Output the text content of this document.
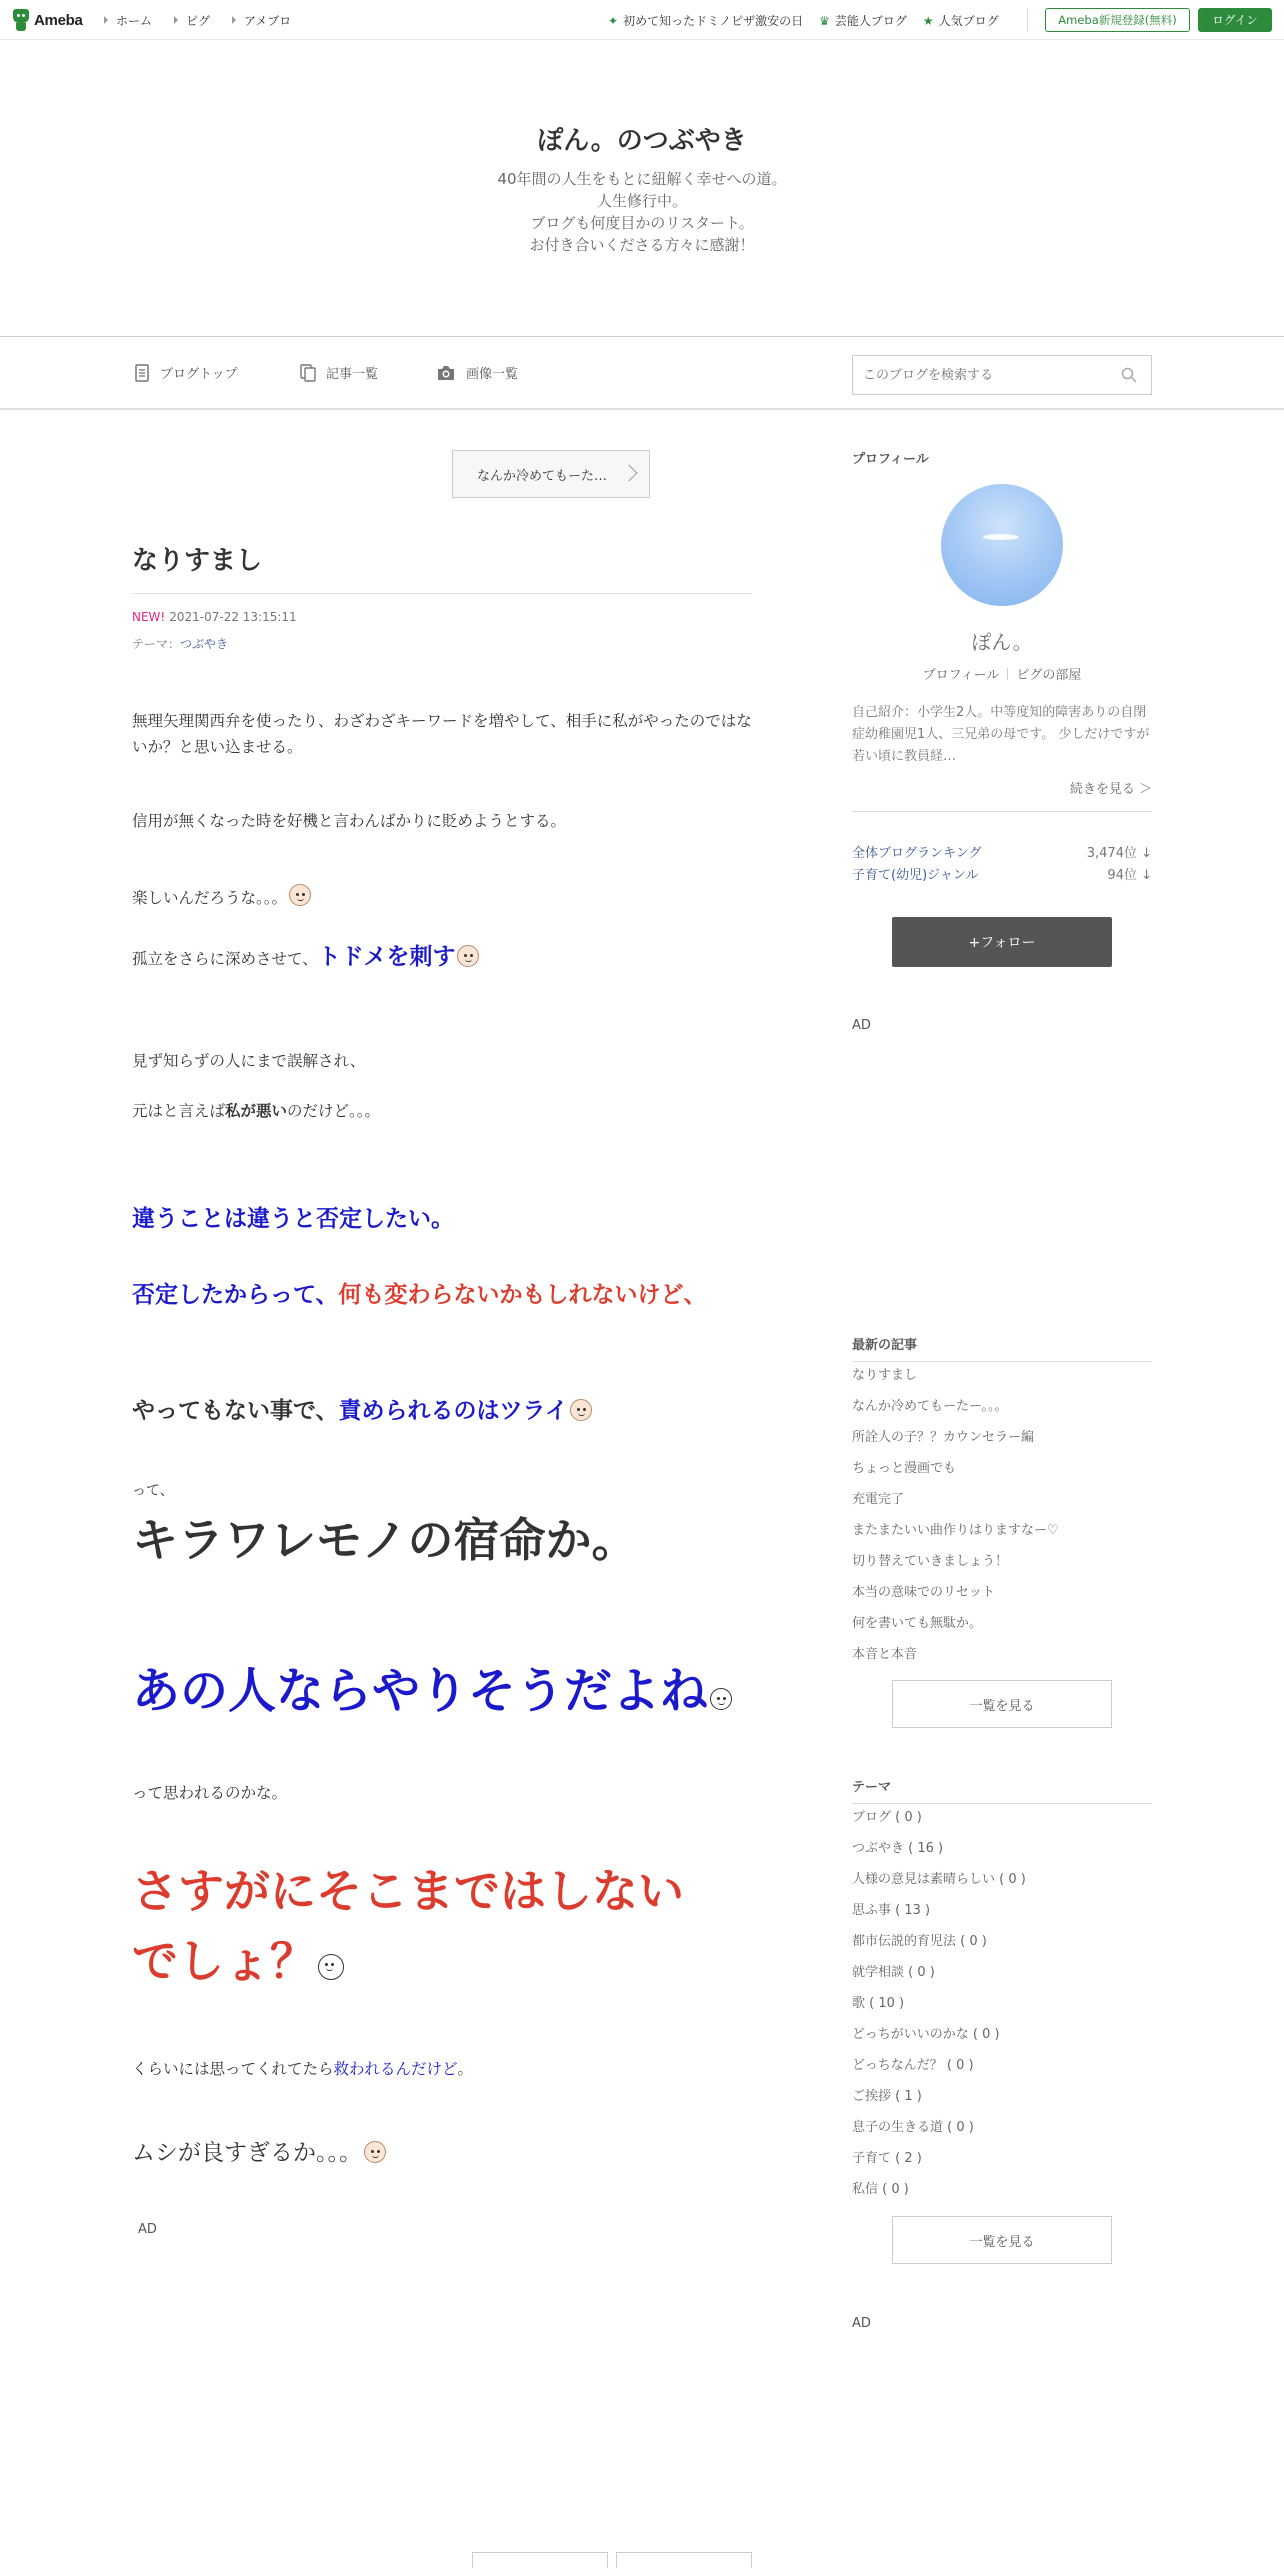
Ameba	ホーム	ピグ	アメブロ	✦ 初めて知ったドミノピザ激安の日 ♛ 芸能人ブログ ★ 人気ブログ	Ameba新規登録(無料)	ログイン
ぽん。のつぶやき
40年間の人生をもとに紐解く幸せへの道。
人生修行中。
ブログも何度目かのリスタート。
お付き合いくださる方々に感謝！
ブログトップ	記事一覧	画像一覧
このブログを検索する
なんか冷めてもーた…
なりすまし
NEW! 2021-07-22 13:15:11
テーマ：つぶやき
無理矢理関西弁を使ったり、わざわざキーワードを増やして、相手に私がやったのではないか？と思い込ませる。
信用が無くなった時を好機と言わんばかりに貶めようとする。
楽しいんだろうな。。。
孤立をさらに深めさせて、トドメを刺す
見ず知らずの人にまで誤解され、
元はと言えば私が悪いのだけど。。。
違うことは違うと否定したい。
否定したからって、何も変わらないかもしれないけど、
やってもない事で、責められるのはツライ
って、
キラワレモノの宿命か。
あの人ならやりそうだよね
って思われるのかな。
さすがにそこまではしない
でしょ？
くらいには思ってくれてたら救われるんだけど。
ムシが良すぎるか。。。
AD
プロフィール
ぽん。
プロフィール ピグの部屋
自己紹介：小学生2人。中等度知的障害ありの自閉症幼稚園児1人、三兄弟の母です。 少しだけですが若い頃に教員経…
続きを見る ＞
全体ブログランキング	3,474位 ↓
子育て(幼児)ジャンル	94位 ↓
+フォロー
AD
最新の記事
なりすまし
なんか冷めてもーたー。。。
所詮人の子？？カウンセラー編
ちょっと漫画でも
充電完了
またまたいい曲作りはりますなー♡
切り替えていきましょう！
本当の意味でのリセット
何を書いても無駄か。
本音と本音
一覧を見る
テーマ
ブログ ( 0 )
つぶやき ( 16 )
人様の意見は素晴らしい ( 0 )
思ふ事 ( 13 )
都市伝説的育児法 ( 0 )
就学相談 ( 0 )
歌 ( 10 )
どっちがいいのかな ( 0 )
どっちなんだ？ ( 0 )
ご挨拶 ( 1 )
息子の生きる道 ( 0 )
子育て ( 2 )
私信 ( 0 )
一覧を見る
AD
